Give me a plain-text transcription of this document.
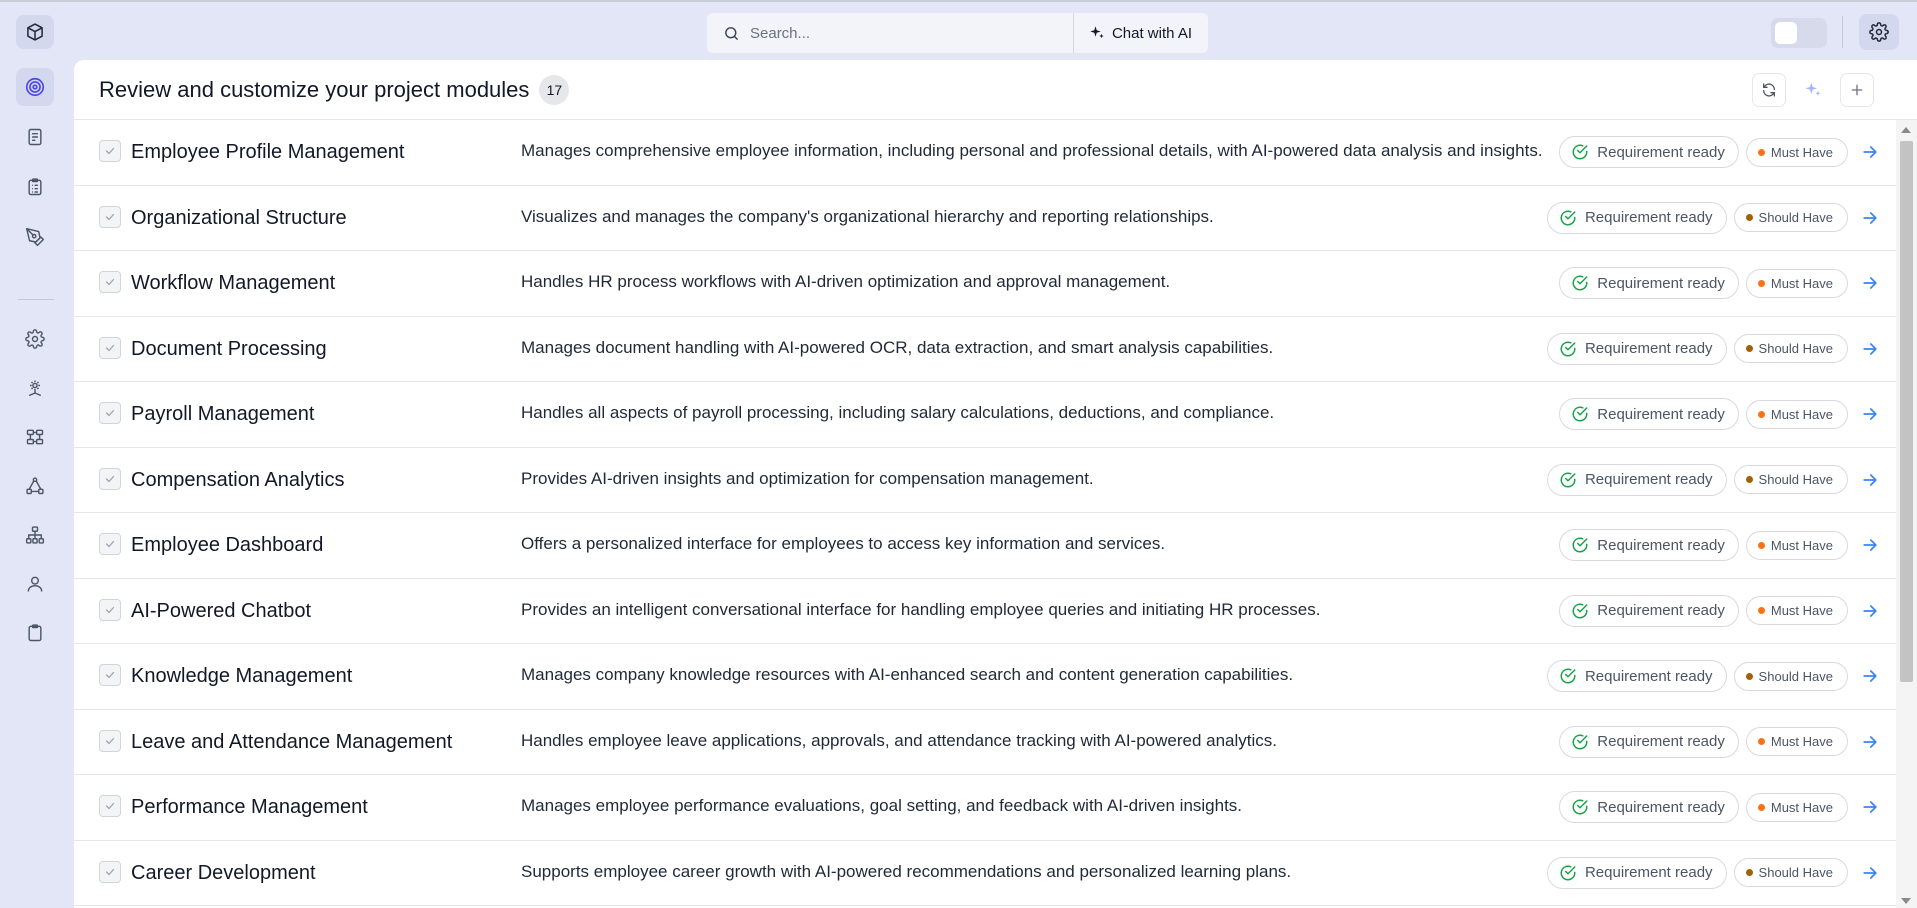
Search...
Chat with AI
Review and customize your project modules	17
Employee Profile Management	Manages comprehensive employee information, including personal and professional details, with AI-powered data analysis and insights.	Requirement ready	Must Have
Organizational Structure	Visualizes and manages the company's organizational hierarchy and reporting relationships.	Requirement ready	Should Have
Workflow Management	Handles HR process workflows with AI-driven optimization and approval management.	Requirement ready	Must Have
Document Processing	Manages document handling with AI-powered OCR, data extraction, and smart analysis capabilities.	Requirement ready	Should Have
Payroll Management	Handles all aspects of payroll processing, including salary calculations, deductions, and compliance.	Requirement ready	Must Have
Compensation Analytics	Provides AI-driven insights and optimization for compensation management.	Requirement ready	Should Have
Employee Dashboard	Offers a personalized interface for employees to access key information and services.	Requirement ready	Must Have
AI-Powered Chatbot	Provides an intelligent conversational interface for handling employee queries and initiating HR processes.	Requirement ready	Must Have
Knowledge Management	Manages company knowledge resources with AI-enhanced search and content generation capabilities.	Requirement ready	Should Have
Leave and Attendance Management	Handles employee leave applications, approvals, and attendance tracking with AI-powered analytics.	Requirement ready	Must Have
Performance Management	Manages employee performance evaluations, goal setting, and feedback with AI-driven insights.	Requirement ready	Must Have
Career Development	Supports employee career growth with AI-powered recommendations and personalized learning plans.	Requirement ready	Should Have
